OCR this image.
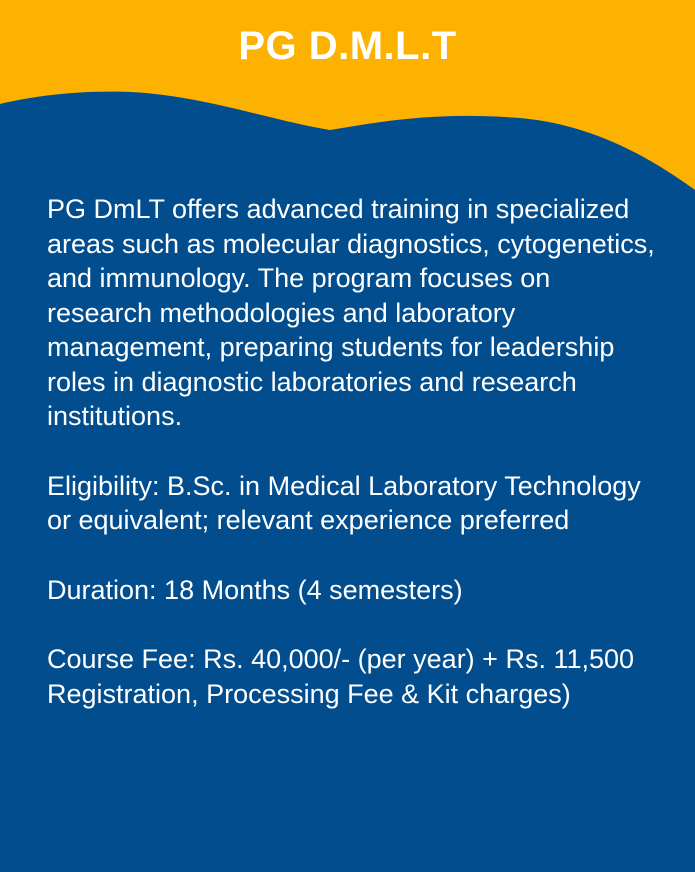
PG D.M.L.T

PG DmLT offers advanced training in specialized areas such as molecular diagnostics, cytogenetics, and immunology. The program focuses on research methodologies and laboratory management, preparing students for leadership roles in diagnostic laboratories and research institutions.

Eligibility: B.Sc. in Medical Laboratory Technology or equivalent; relevant experience preferred

Duration: 18 Months (4 semesters)

Course Fee: Rs. 40,000/- (per year) + Rs. 11,500 Registration, Processing Fee & Kit charges)
